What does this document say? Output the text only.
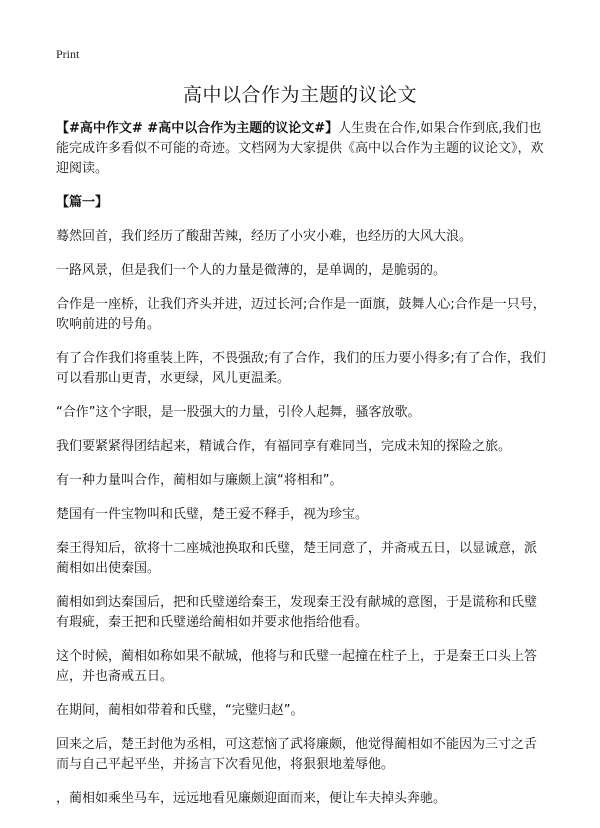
Print
高中以合作为主题的议论文

【#高中作文# #高中以合作为主题的议论文#】人生贵在合作,如果合作到底,我们也能完成许多看似不可能的奇迹。文档网为大家提供《高中以合作为主题的议论文》，欢迎阅读。

【篇一】

蓦然回首，我们经历了酸甜苦辣，经历了小灾小难，也经历的大风大浪。

一路风景，但是我们一个人的力量是微薄的，是单调的，是脆弱的。

合作是一座桥，让我们齐头并进，迈过长河;合作是一面旗，鼓舞人心;合作是一只号，吹响前进的号角。

有了合作我们将重装上阵，不畏强敌;有了合作，我们的压力要小得多;有了合作，我们可以看那山更青，水更绿，风儿更温柔。

“合作”这个字眼，是一股强大的力量，引伶人起舞，骚客放歌。

我们要紧紧得团结起来，精诚合作，有福同享有难同当，完成未知的探险之旅。

有一种力量叫合作，蔺相如与廉颇上演“将相和”。

楚国有一件宝物叫和氏璧，楚王爱不释手，视为珍宝。

秦王得知后，欲将十二座城池换取和氏璧，楚王同意了，并斋戒五日，以显诚意，派蔺相如出使秦国。

蔺相如到达秦国后，把和氏璧递给秦王，发现秦王没有献城的意图，于是谎称和氏璧有瑕疵，秦王把和氏璧递给蔺相如并要求他指给他看。

这个时候，蔺相如称如果不献城，他将与和氏璧一起撞在柱子上，于是秦王口头上答应，并也斋戒五日。

在期间，蔺相如带着和氏璧，“完璧归赵”。

回来之后，楚王封他为丞相，可这惹恼了武将廉颇，他觉得蔺相如不能因为三寸之舌而与自己平起平坐，并扬言下次看见他，将狠狠地羞辱他。

，蔺相如乘坐马车，远远地看见廉颇迎面而来，便让车夫掉头奔驰。
